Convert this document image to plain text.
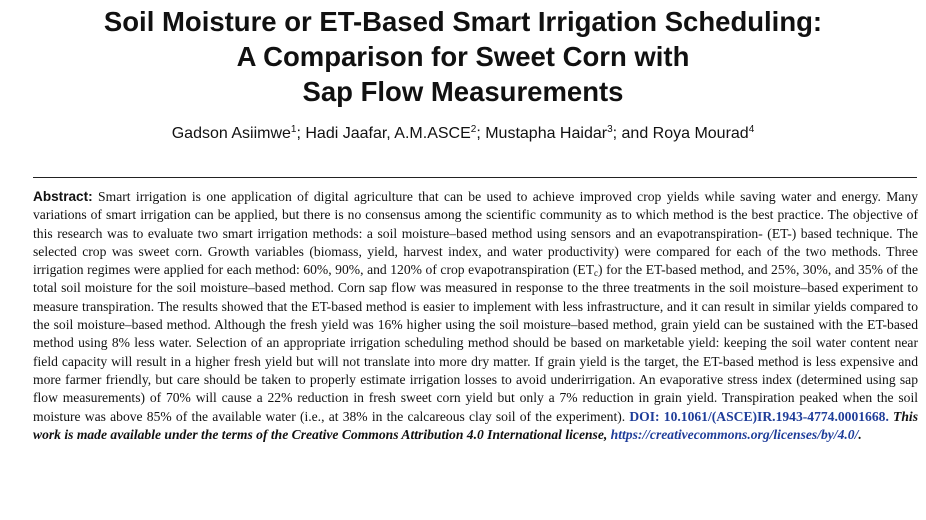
Soil Moisture or ET-Based Smart Irrigation Scheduling:
A Comparison for Sweet Corn with
Sap Flow Measurements
Gadson Asiimwe$^1$; Hadi Jaafar, A.M.ASCE$^2$; Mustapha Haidar$^3$; and Roya Mourad$^4$
Abstract: Smart irrigation is one application of digital agriculture that can be used to achieve improved crop yields while saving water and energy. Many variations of smart irrigation can be applied, but there is no consensus among the scientific community as to which method is the best practice. The objective of this research was to evaluate two smart irrigation methods: a soil moisture–based method using sensors and an evapotranspiration- (ET-) based technique. The selected crop was sweet corn. Growth variables (biomass, yield, harvest index, and water productivity) were compared for each of the two methods. Three irrigation regimes were applied for each method: 60%, 90%, and 120% of crop evapotranspiration $(ET_c)$ for the ET-based method, and 25%, 30%, and 35% of the total soil moisture for the soil moisture–based method. Corn sap flow was measured in response to the three treatments in the soil moisture–based experiment to measure transpiration. The results showed that the ET-based method is easier to implement with less infrastructure, and it can result in similar yields compared to the soil moisture–based method. Although the fresh yield was 16% higher using the soil moisture–based method, grain yield can be sustained with the ET-based method using 8% less water. Selection of an appropriate irrigation scheduling method should be based on marketable yield: keeping the soil water content near field capacity will result in a higher fresh yield but will not translate into more dry matter. If grain yield is the target, the ET-based method is less expensive and more farmer friendly, but care should be taken to properly estimate irrigation losses to avoid underirrigation. An evaporative stress index (determined using sap flow measurements) of 70% will cause a 22% reduction in fresh sweet corn yield but only a 7% reduction in grain yield. Transpiration peaked when the soil moisture was above 85% of the available water (i.e., at 38% in the calcareous clay soil of the experiment). DOI: 10.1061/(ASCE)IR.1943-4774.0001668. This work is made available under the terms of the Creative Commons Attribution 4.0 International license, https://creativecommons.org/licenses/by/4.0/.
